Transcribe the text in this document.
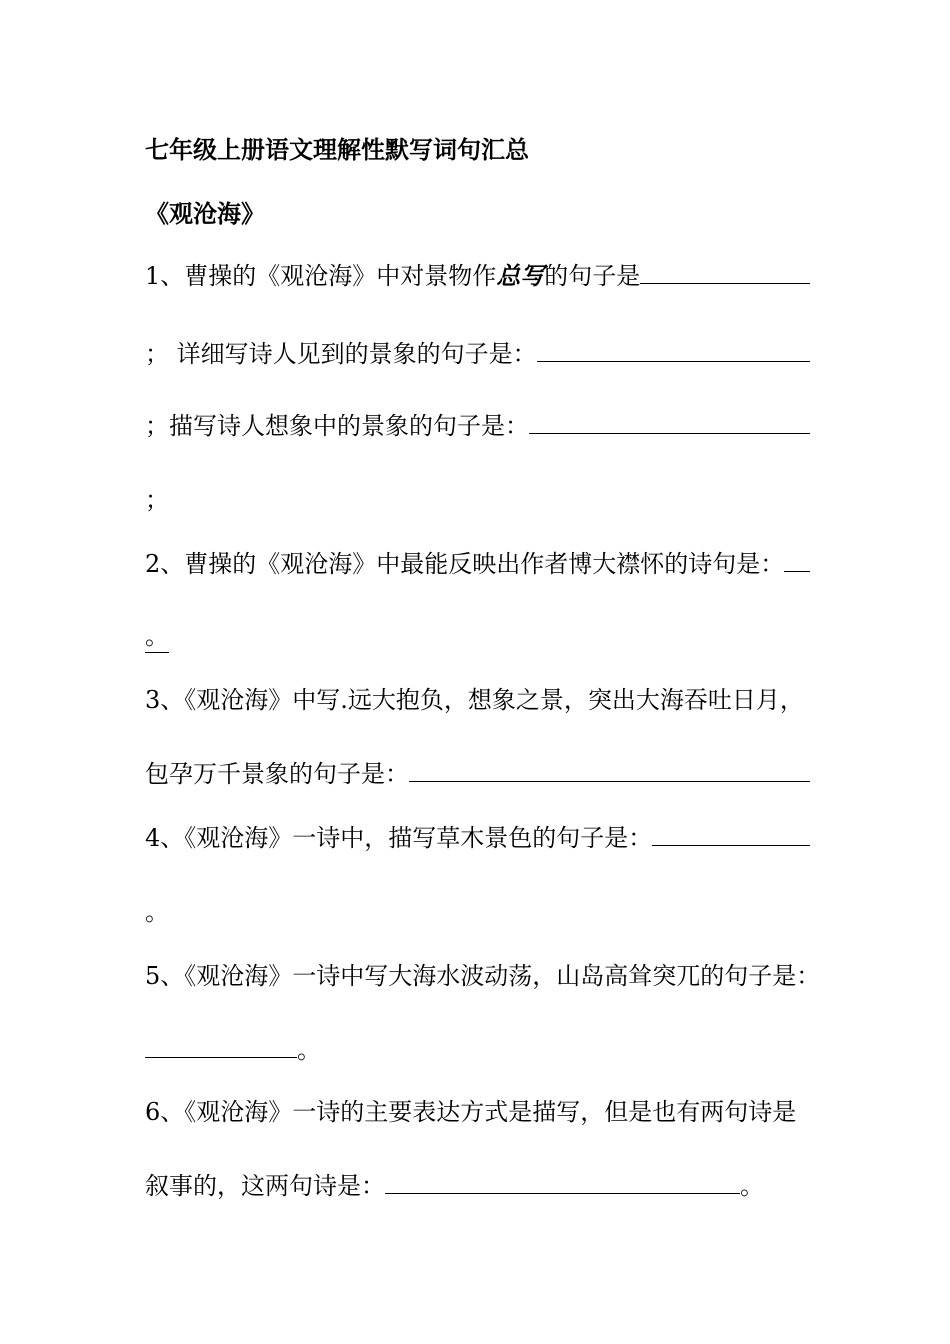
七年级上册语文理解性默写词句汇总
《观沧海》
1、曹操的《观沧海》中对景物作 总写 的句子是
； 详细写诗人见到的景象的句子是：
；描写诗人想象中的景象的句子是：
；
2、曹操的《观沧海》中最能反映出作者博大襟怀的诗句是：
。
3、《观沧海》中写.远大抱负，想象之景，突出大海吞吐日月，
包孕万千景象的句子是：
4、《观沧海》一诗中，描写草木景色的句子是：
。
5、《观沧海》一诗中写大海水波动荡，山岛高耸突兀的句子是：
。
6、《观沧海》一诗的主要表达方式是描写，但是也有两句诗是
叙事的，这两句诗是：	。
